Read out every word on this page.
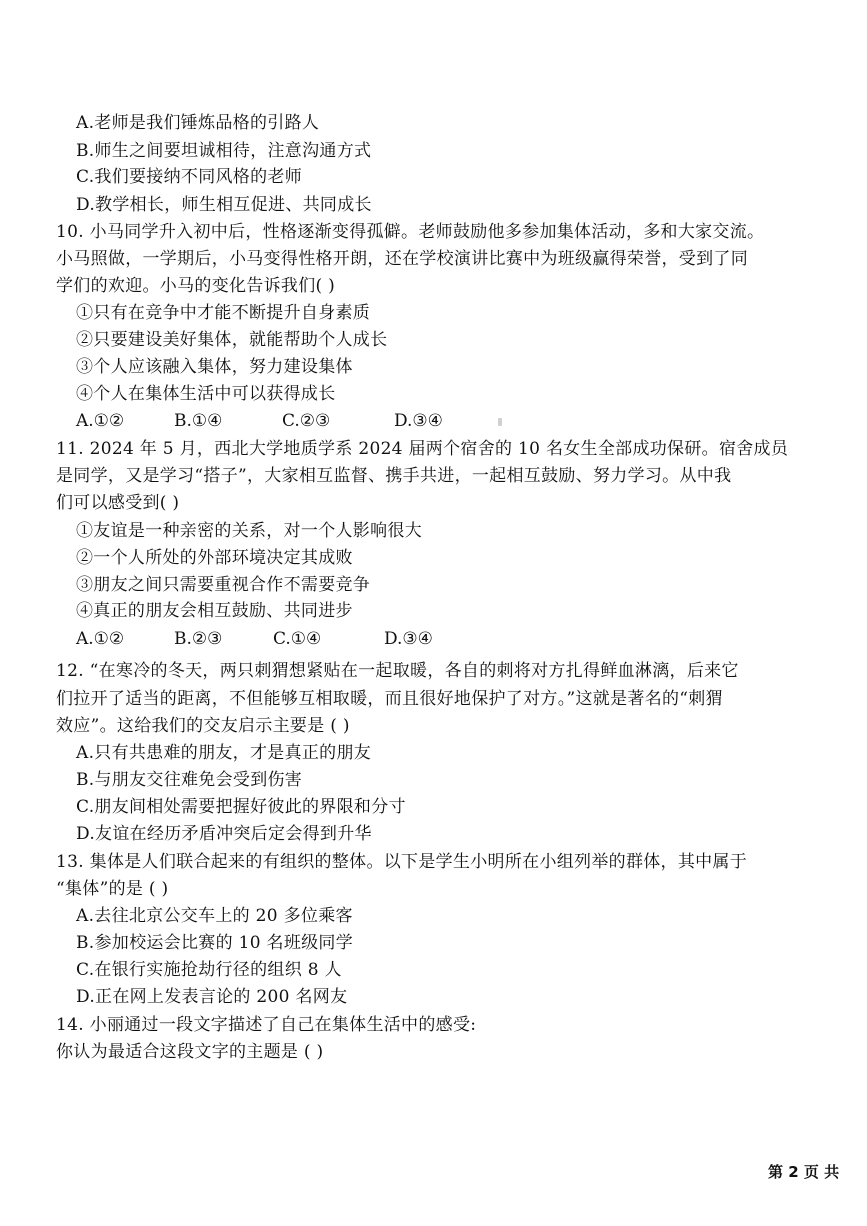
A.老师是我们锤炼品格的引路人
B.师生之间要坦诚相待，注意沟通方式
C.我们要接纳不同风格的老师
D.教学相长，师生相互促进、共同成长
10. 小马同学升入初中后，性格逐渐变得孤僻。老师鼓励他多参加集体活动，多和大家交流。
小马照做，一学期后，小马变得性格开朗，还在学校演讲比赛中为班级赢得荣誉，受到了同
学们的欢迎。小马的变化告诉我们( )
①只有在竞争中才能不断提升自身素质
②只要建设美好集体，就能帮助个人成长
③个人应该融入集体，努力建设集体
④个人在集体生活中可以获得成长
A.①②	B.①④	C.②③	D.③④
11. 2024 年 5 月，西北大学地质学系 2024 届两个宿舍的 10 名女生全部成功保研。宿舍成员
是同学，又是学习“搭子”，大家相互监督、携手共进，一起相互鼓励、努力学习。从中我
们可以感受到( )
①友谊是一种亲密的关系，对一个人影响很大
②一个人所处的外部环境决定其成败
③朋友之间只需要重视合作不需要竞争
④真正的朋友会相互鼓励、共同进步
A.①②	B.②③	C.①④	D.③④
12. “在寒冷的冬天，两只刺猬想紧贴在一起取暖，各自的刺将对方扎得鲜血淋漓，后来它
们拉开了适当的距离，不但能够互相取暖，而且很好地保护了对方。”这就是著名的“刺猬
效应”。这给我们的交友启示主要是 ( )
A.只有共患难的朋友，才是真正的朋友
B.与朋友交往难免会受到伤害
C.朋友间相处需要把握好彼此的界限和分寸
D.友谊在经历矛盾冲突后定会得到升华
13. 集体是人们联合起来的有组织的整体。以下是学生小明所在小组列举的群体，其中属于
“集体”的是 ( )
A.去往北京公交车上的 20 多位乘客
B.参加校运会比赛的 10 名班级同学
C.在银行实施抢劫行径的组织 8 人
D.正在网上发表言论的 200 名网友
14. 小丽通过一段文字描述了自己在集体生活中的感受:
你认为最适合这段文字的主题是 ( )
第 2 页 共
